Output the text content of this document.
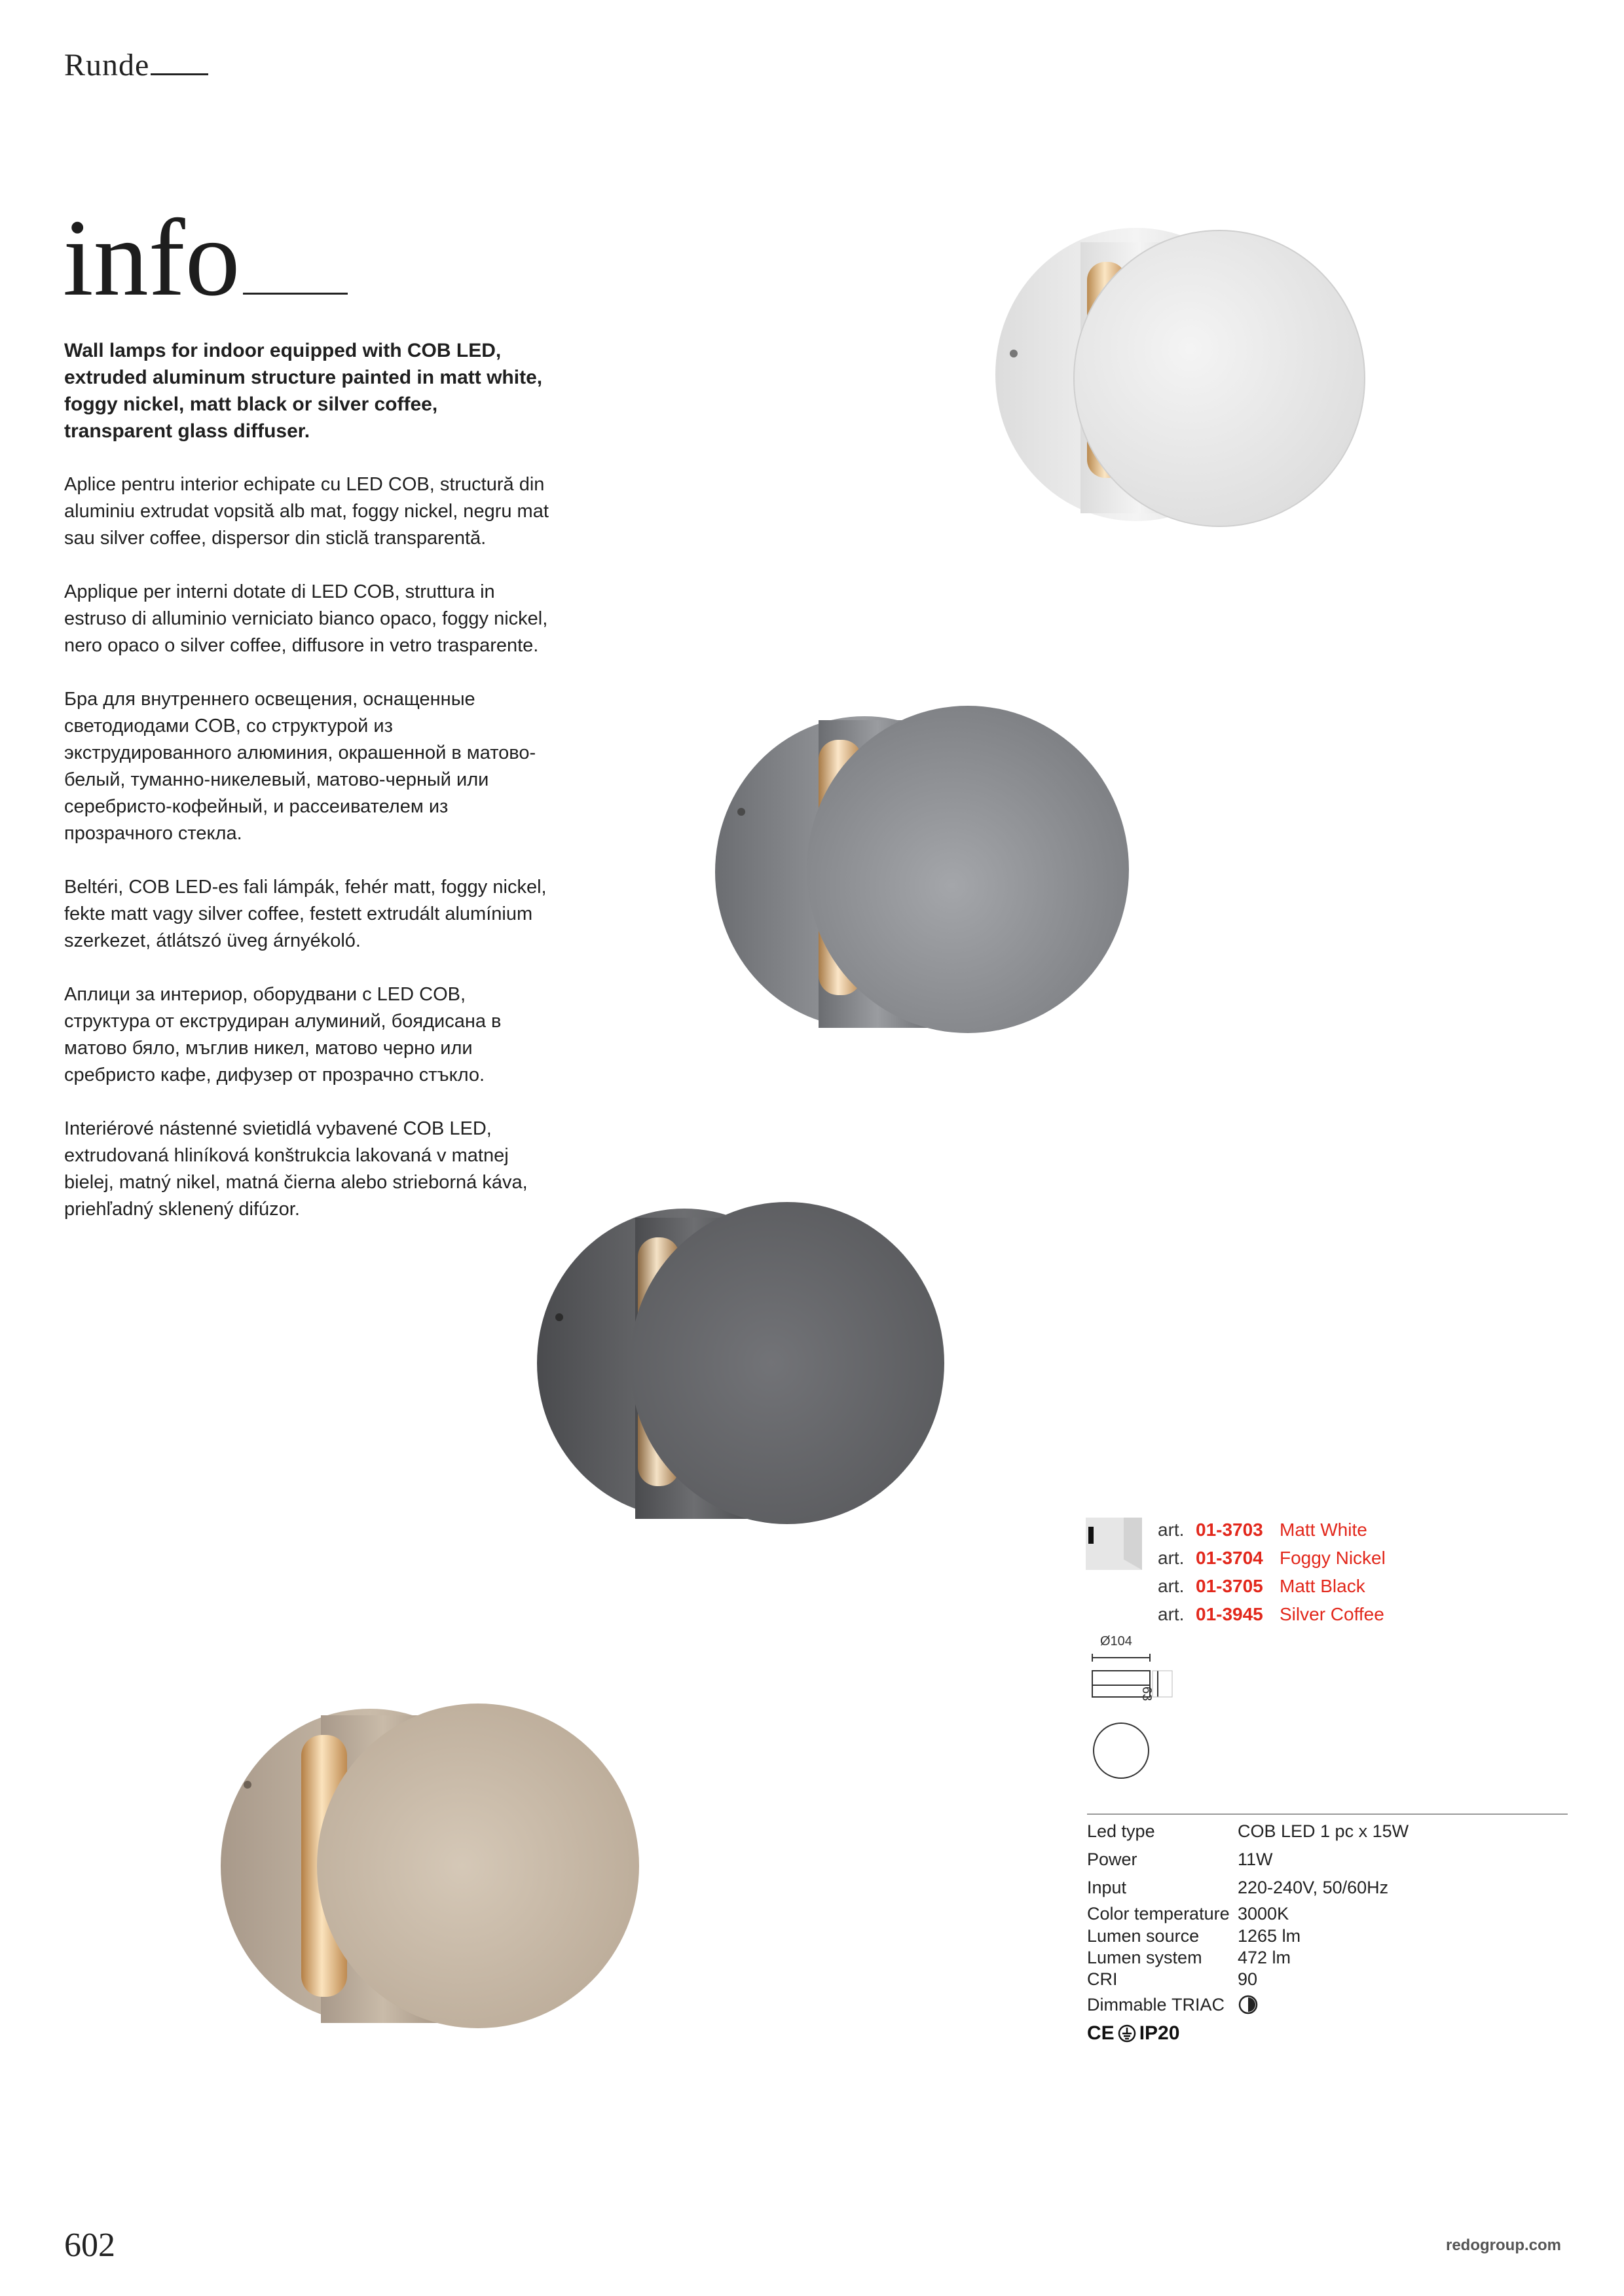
Runde
info

Wall lamps for indoor equipped with COB LED, extruded aluminum structure painted in matt white, foggy nickel, matt black or silver coffee, transparent glass diffuser.

Aplice pentru interior echipate cu LED COB, structură din aluminiu extrudat vopsită alb mat, foggy nickel, negru mat sau silver coffee, dispersor din sticlă transparentă.

Applique per interni dotate di LED COB, struttura in estruso di alluminio verniciato bianco opaco, foggy nickel, nero opaco o silver coffee, diffusore in vetro trasparente.

Бра для внутреннего освещения, оснащенные светодиодами COB, со структурой из экструдированного алюминия, окрашенной в матово-белый, туманно-никелевый, матово-черный или серебристо-кофейный, и рассеивателем из прозрачного стекла.

Beltéri, COB LED-es fali lámpák, fehér matt, foggy nickel, fekte matt vagy silver coffee, festett extrudált alumínium szerkezet, átlátszó üveg árnyékoló.

Аплици за интериор, оборудвани с LED COB, структура от екструдиран алуминий, боядисана в матово бяло, мъглив никел, матово черно или сребристо кафе, дифузер от прозрачно стъкло.

Interiérové nástenné svietidlá vybavené COB LED, extrudovaná hliníková konštrukcia lakovaná v matnej bielej, matný nikel, matná čierna alebo strieborná káva, priehľadný sklenený difúzor.

art. 01-3703 Matt White
art. 01-3704 Foggy Nickel
art. 01-3705 Matt Black
art. 01-3945 Silver Coffee
Ø104
63
Led type	COB LED 1 pc x 15W
Power	11W
Input	220-240V, 50/60Hz
Color temperature 3000K
Lumen source	1265 lm
Lumen system	472 lm
CRI	90
Dimmable TRIAC
CE IP20
602	redogroup.com
